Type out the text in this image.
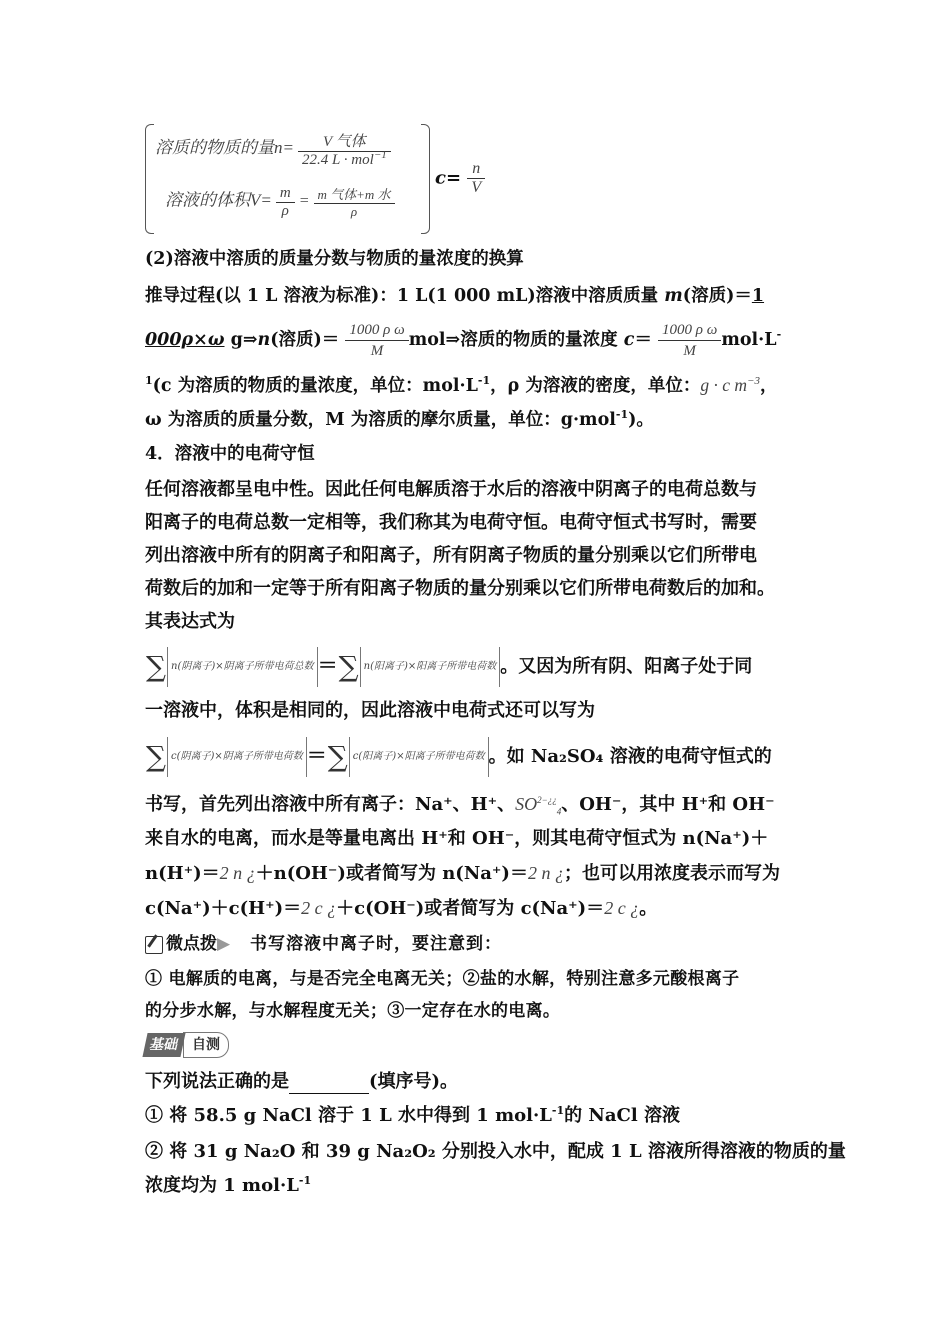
溶质的物质的量$n= \frac{\text{V 气体}}{22.4 L \cdot mol^{-1}}$
溶液的体积$V= \frac{m}{\rho} = \frac{\text{m 气体+m 水}}{\rho}$
$c= \frac{n}{V}$
(2)溶液中溶质的质量分数与物质的量浓度的换算
推导过程(以 1 L 溶液为标准)：1 L(1 000 mL)溶液中溶质质量 m(溶质)＝1
000ρ×ω g⇒n(溶质)＝ $\frac{\text{1000 ρ ω}}{M}$ mol⇒溶质的物质的量浓度 $c= \frac{\text{1000 ρ ω}}{M} mol\cdot L^-$
$^1$(c 为溶质的物质的量浓度，单位：$mol\cdot L^{-1}$，ρ 为溶液的密度，单位：g · c $m^{-3}$，
ω 为溶质的质量分数，M 为溶质的摩尔质量，单位：g·mol$^{-1}$)。
4．溶液中的电荷守恒
任何溶液都呈电中性。因此任何电解质溶于水后的溶液中阴离子的电荷总数与
阳离子的电荷总数一定相等，我们称其为电荷守恒。电荷守恒式书写时，需要
列出溶液中所有的阴离子和阳离子，所有阴离子物质的量分别乘以它们所带电
荷数后的加和一定等于所有阳离子物质的量分别乘以它们所带电荷数后的加和。
其表达式为
∑ n(阴离子)×阴离子所带电荷总数 ＝∑ n(阳离子)×阳离子所带电荷数 。又因为所有阴、阳离子处于同
一溶液中，体积是相同的，因此溶液中电荷式还可以写为
∑ c(阴离子)×阴离子所带电荷数 ＝∑ c(阳离子)×阳离子所带电荷数 。如 Na₂SO₄ 溶液的电荷守恒式的
书写，首先列出溶液中所有离子：Na⁺、H⁺、$SO^{2-¿¿}_4$、OH⁻，其中 H⁺和 OH⁻
来自水的电离，而水是等量电离出 H⁺和 OH⁻，则其电荷守恒式为 n(Na⁺)＋
n(H⁺)＝2 n ¿＋n(OH⁻)或者简写为 n(Na⁺)＝2 n ¿；也可以用浓度表示而写为
c(Na⁺)＋c(H⁺)＝2 c ¿＋c(OH⁻)或者简写为 c(Na⁺)＝2 c ¿。
微点拨▶ 书写溶液中离子时，要注意到：
① 电解质的电离，与是否完全电离无关；②盐的水解，特别注意多元酸根离子
的分步水解，与水解程度无关；③一定存在水的电离。
基础 自测
下列说法正确的是	(填序号)。
① 将 58.5 g NaCl 溶于 1 L 水中得到 1 $mol\cdot L^{-1}$的 NaCl 溶液
② 将 31 g Na₂O 和 39 g Na₂O₂ 分别投入水中，配成 1 L 溶液所得溶液的物质的量
浓度均为 1 $mol\cdot L^{-1}$
